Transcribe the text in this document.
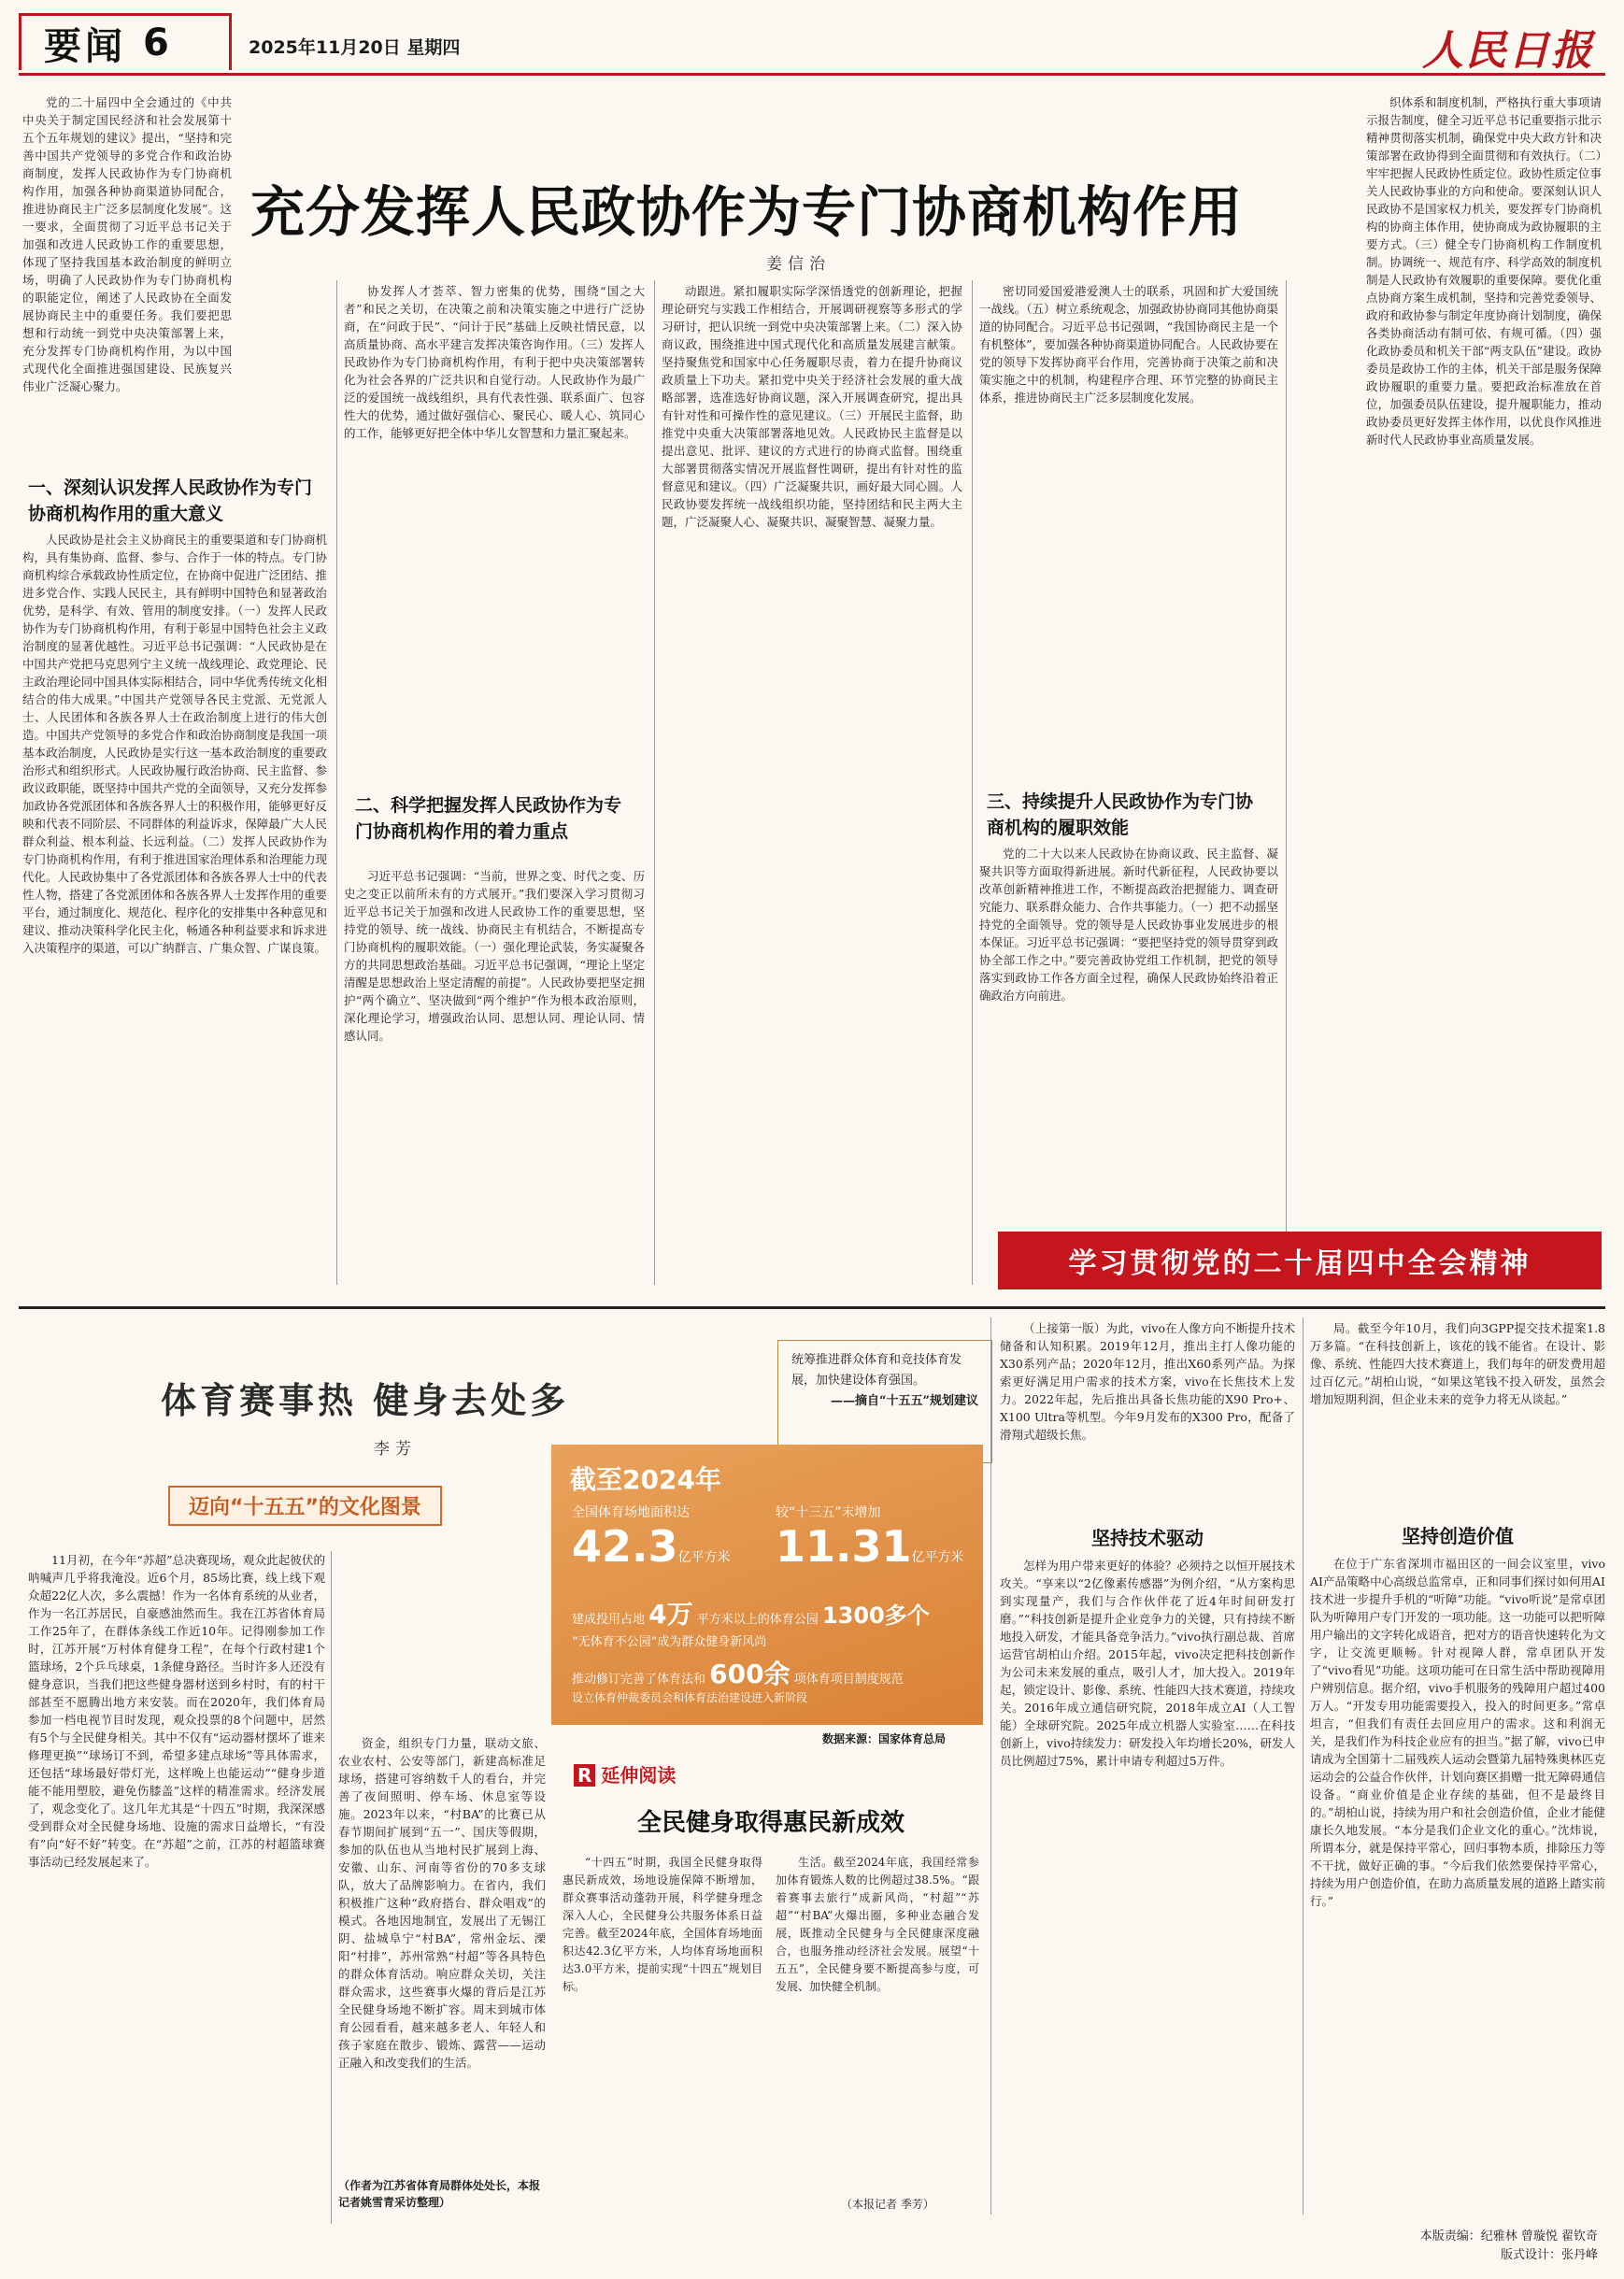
要闻 6	2025年11月20日 星期四	人民日报

党的二十届四中全会通过的《中共中央关于制定国民经济和社会发展第十五个五年规划的建议》提出，“坚持和完善中国共产党领导的多党合作和政治协商制度，发挥人民政协作为专门协商机构作用，加强各种协商渠道协同配合，推进协商民主广泛多层制度化发展”。这一要求，全面贯彻了习近平总书记关于加强和改进人民政协工作的重要思想，体现了坚持我国基本政治制度的鲜明立场，明确了人民政协作为专门协商机构的职能定位，阐述了人民政协在全面发展协商民主中的重要任务。我们要把思想和行动统一到党中央决策部署上来，充分发挥专门协商机构作用，为以中国式现代化全面推进强国建设、民族复兴伟业广泛凝心聚力。

充分发挥人民政协作为专门协商机构作用
姜信治

织体系和制度机制，严格执行重大事项请示报告制度，健全习近平总书记重要指示批示精神贯彻落实机制，确保党中央大政方针和决策部署在政协得到全面贯彻和有效执行。（二）牢牢把握人民政协性质定位。政协性质定位事关人民政协事业的方向和使命。要深刻认识人民政协不是国家权力机关，要发挥专门协商机构的协商主体作用，使协商成为政协履职的主要方式。（三）健全专门协商机构工作制度机制。协调统一、规范有序、科学高效的制度机制是人民政协有效履职的重要保障。要优化重点协商方案生成机制，坚持和完善党委领导、政府和政协参与制定年度协商计划制度，确保各类协商活动有制可依、有规可循。（四）强化政协委员和机关干部“两支队伍”建设。政协委员是政协工作的主体，机关干部是服务保障政协履职的重要力量。要把政治标准放在首位，加强委员队伍建设，提升履职能力，推动政协委员更好发挥主体作用，以优良作风推进新时代人民政协事业高质量发展。

一、深刻认识发挥人民政协作为专门协商机构作用的重大意义

人民政协是社会主义协商民主的重要渠道和专门协商机构，具有集协商、监督、参与、合作于一体的特点。专门协商机构综合承载政协性质定位，在协商中促进广泛团结、推进多党合作、实践人民民主，具有鲜明中国特色和显著政治优势，是科学、有效、管用的制度安排。（一）发挥人民政协作为专门协商机构作用，有利于彰显中国特色社会主义政治制度的显著优越性。习近平总书记强调：“人民政协是在中国共产党把马克思列宁主义统一战线理论、政党理论、民主政治理论同中国具体实际相结合，同中华优秀传统文化相结合的伟大成果。”中国共产党领导各民主党派、无党派人士、人民团体和各族各界人士在政治制度上进行的伟大创造。中国共产党领导的多党合作和政治协商制度是我国一项基本政治制度，人民政协是实行这一基本政治制度的重要政治形式和组织形式。人民政协履行政治协商、民主监督、参政议政职能，既坚持中国共产党的全面领导，又充分发挥参加政协各党派团体和各族各界人士的积极作用，能够更好反映和代表不同阶层、不同群体的利益诉求，保障最广大人民群众利益、根本利益、长远利益。（二）发挥人民政协作为专门协商机构作用，有利于推进国家治理体系和治理能力现代化。人民政协集中了各党派团体和各族各界人士中的代表性人物，搭建了各党派团体和各族各界人士发挥作用的重要平台，通过制度化、规范化、程序化的安排集中各种意见和建议、推动决策科学化民主化，畅通各种利益要求和诉求进入决策程序的渠道，可以广纳群言、广集众智、广谋良策。

协发挥人才荟萃、智力密集的优势，围绕“国之大者”和民之关切，在决策之前和决策实施之中进行广泛协商，在“问政于民”、“问计于民”基础上反映社情民意，以高质量协商、高水平建言发挥决策咨询作用。（三）发挥人民政协作为专门协商机构作用，有利于把中央决策部署转化为社会各界的广泛共识和自觉行动。人民政协作为最广泛的爱国统一战线组织，具有代表性强、联系面广、包容性大的优势，通过做好强信心、聚民心、暖人心、筑同心的工作，能够更好把全体中华儿女智慧和力量汇聚起来。

二、科学把握发挥人民政协作为专门协商机构作用的着力重点

习近平总书记强调：“当前，世界之变、时代之变、历史之变正以前所未有的方式展开。”我们要深入学习贯彻习近平总书记关于加强和改进人民政协工作的重要思想，坚持党的领导、统一战线、协商民主有机结合，不断提高专门协商机构的履职效能。（一）强化理论武装，务实凝聚各方的共同思想政治基础。习近平总书记强调，“理论上坚定清醒是思想政治上坚定清醒的前提”。人民政协要把坚定拥护“两个确立”、坚决做到“两个维护”作为根本政治原则，深化理论学习，增强政治认同、思想认同、理论认同、情感认同。

动跟进。紧扣履职实际学深悟透党的创新理论，把握理论研究与实践工作相结合，开展调研视察等多形式的学习研讨，把认识统一到党中央决策部署上来。（二）深入协商议政，围绕推进中国式现代化和高质量发展建言献策。坚持聚焦党和国家中心任务履职尽责，着力在提升协商议政质量上下功夫。紧扣党中央关于经济社会发展的重大战略部署，选准选好协商议题，深入开展调查研究，提出具有针对性和可操作性的意见建议。（三）开展民主监督，助推党中央重大决策部署落地见效。人民政协民主监督是以提出意见、批评、建议的方式进行的协商式监督。围绕重大部署贯彻落实情况开展监督性调研，提出有针对性的监督意见和建议。（四）广泛凝聚共识，画好最大同心圆。人民政协要发挥统一战线组织功能，坚持团结和民主两大主题，广泛凝聚人心、凝聚共识、凝聚智慧、凝聚力量。

密切同爱国爱港爱澳人士的联系，巩固和扩大爱国统一战线。（五）树立系统观念，加强政协协商同其他协商渠道的协同配合。习近平总书记强调，“我国协商民主是一个有机整体”，要加强各种协商渠道协同配合。人民政协要在党的领导下发挥协商平台作用，完善协商于决策之前和决策实施之中的机制，构建程序合理、环节完整的协商民主体系，推进协商民主广泛多层制度化发展。

三、持续提升人民政协作为专门协商机构的履职效能

党的二十大以来人民政协在协商议政、民主监督、凝聚共识等方面取得新进展。新时代新征程，人民政协要以改革创新精神推进工作，不断提高政治把握能力、调查研究能力、联系群众能力、合作共事能力。（一）把不动摇坚持党的全面领导。党的领导是人民政协事业发展进步的根本保证。习近平总书记强调：“要把坚持党的领导贯穿到政协全部工作之中。”要完善政协党组工作机制，把党的领导落实到政协工作各方面全过程，确保人民政协始终沿着正确政治方向前进。

学习贯彻党的二十届四中全会精神
体育赛事热 健身去处多
李芳
统筹推进群众体育和竞技体育发展，加快建设体育强国。
——摘自“十五五”规划建议
迈向“十五五”的文化图景

11月初，在今年“苏超”总决赛现场，观众此起彼伏的呐喊声几乎将我淹没。近6个月，85场比赛，线上线下观众超22亿人次，多么震撼！作为一名体育系统的从业者，作为一名江苏居民，自豪感油然而生。我在江苏省体育局工作25年了，在群体条线工作近10年。记得刚参加工作时，江苏开展“万村体育健身工程”，在每个行政村建1个篮球场，2个乒乓球桌，1条健身路径。当时许多人还没有健身意识，当我们把这些健身器材送到乡村时，有的村干部甚至不愿腾出地方来安装。而在2020年，我们体育局参加一档电视节目时发现，观众投票的8个问题中，居然有5个与全民健身相关。其中不仅有“运动器材摆坏了谁来修理更换”“球场订不到，希望多建点球场”等具体需求，还包括“球场最好带灯光，这样晚上也能运动”“健身步道能不能用塑胶，避免伤膝盖”这样的精准需求。经济发展了，观念变化了。这几年尤其是“十四五”时期，我深深感受到群众对全民健身场地、设施的需求日益增长，“有没有”向“好不好”转变。在“苏超”之前，江苏的村超篮球赛事活动已经发展起来了。

资金，组织专门力量，联动文旅、农业农村、公安等部门，新建高标准足球场，搭建可容纳数千人的看台，并完善了夜间照明、停车场、休息室等设施。2023年以来，“村BA”的比赛已从春节期间扩展到“五一”、国庆等假期，参加的队伍也从当地村民扩展到上海、安徽、山东、河南等省份的70多支球队，放大了品牌影响力。在省内，我们积极推广这种“政府搭台、群众唱戏”的模式。各地因地制宜，发展出了无锡江阴、盐城阜宁“村BA”，常州金坛、溧阳“村排”，苏州常熟“村超”等各具特色的群众体育活动。响应群众关切，关注群众需求，这些赛事火爆的背后是江苏全民健身场地不断扩容。周末到城市体育公园看看，越来越多老人、年轻人和孩子家庭在散步、锻炼、露营——运动正融入和改变我们的生活。

（作者为江苏省体育局群体处处长，本报记者姚雪青采访整理）
截至2024年
全国体育场地面积达
42.3亿平方米
较“十三五”末增加
11.31亿平方米
建成投用占地 4万 平方米以上的体育公园 1300多个
“无体育不公园”成为群众健身新风尚
推动修订完善了体育法和 600余 项体育项目制度规范
设立体育仲裁委员会和体育法治建设进入新阶段
数据来源：国家体育总局
R 延伸阅读
全民健身取得惠民新成效

“十四五”时期，我国全民健身取得惠民新成效，场地设施保障不断增加，群众赛事活动蓬勃开展，科学健身理念深入人心，全民健身公共服务体系日益完善。截至2024年底，全国体育场地面积达42.3亿平方米，人均体育场地面积达3.0平方米，提前实现“十四五”规划目标。

生活。截至2024年底，我国经常参加体育锻炼人数的比例超过38.5%。“跟着赛事去旅行”成新风尚，“村超”“苏超”“村BA”火爆出圈，多种业态融合发展，既推动全民健身与全民健康深度融合，也服务推动经济社会发展。展望“十五五”，全民健身要不断提高参与度，可发展、加快健全机制。

（本报记者 季芳）

（上接第一版）为此，vivo在人像方向不断提升技术储备和认知积累。2019年12月，推出主打人像功能的X30系列产品；2020年12月，推出X60系列产品。为探索更好满足用户需求的技术方案，vivo在长焦技术上发力。2022年起，先后推出具备长焦功能的X90 Pro+、X100 Ultra等机型。今年9月发布的X300 Pro，配备了滑翔式超级长焦。

坚持技术驱动

怎样为用户带来更好的体验？必须持之以恒开展技术攻关。“享来以“2亿像素传感器”为例介绍，“从方案构思到实现量产，我们与合作伙伴花了近4年时间研发打磨。”“科技创新是提升企业竞争力的关键，只有持续不断地投入研发，才能具备竞争活力。”vivo执行副总裁、首席运营官胡柏山介绍。2015年起，vivo决定把科技创新作为公司未来发展的重点，吸引人才，加大投入。2019年起，锁定设计、影像、系统、性能四大技术赛道，持续攻关。2016年成立通信研究院，2018年成立AI（人工智能）全球研究院。2025年成立机器人实验室……在科技创新上，vivo持续发力：研发投入年均增长20%，研发人员比例超过75%，累计申请专利超过5万件。

局。截至今年10月，我们向3GPP提交技术提案1.8万多篇。“在科技创新上，该花的钱不能省。在设计、影像、系统、性能四大技术赛道上，我们每年的研发费用超过百亿元。”胡柏山说，“如果这笔钱不投入研发，虽然会增加短期利润，但企业未来的竞争力将无从谈起。”

坚持创造价值

在位于广东省深圳市福田区的一间会议室里，vivo AI产品策略中心高级总监常卓，正和同事们探讨如何用AI技术进一步提升手机的“听障”功能。“vivo听说”是常卓团队为听障用户专门开发的一项功能。这一功能可以把听障用户输出的文字转化成语音，把对方的语音快速转化为文字，让交流更顺畅。针对视障人群，常卓团队开发了“vivo看见”功能。这项功能可在日常生活中帮助视障用户辨别信息。据介绍，vivo手机服务的残障用户超过400万人。“开发专用功能需要投入，投入的时间更多。”常卓坦言，“但我们有责任去回应用户的需求。这和利润无关，是我们作为科技企业应有的担当。”据了解，vivo已申请成为全国第十二届残疾人运动会暨第九届特殊奥林匹克运动会的公益合作伙伴，计划向赛区捐赠一批无障碍通信设备。“商业价值是企业存续的基础，但不是最终目的。”胡柏山说，持续为用户和社会创造价值，企业才能健康长久地发展。“本分是我们企业文化的重心。”沈炜说，所谓本分，就是保持平常心，回归事物本质，排除压力等不干扰，做好正确的事。“今后我们依然要保持平常心，持续为用户创造价值，在助力高质量发展的道路上踏实前行。”

本版责编：纪雅林 曾璇悦 翟钦奇
版式设计：张丹峰
